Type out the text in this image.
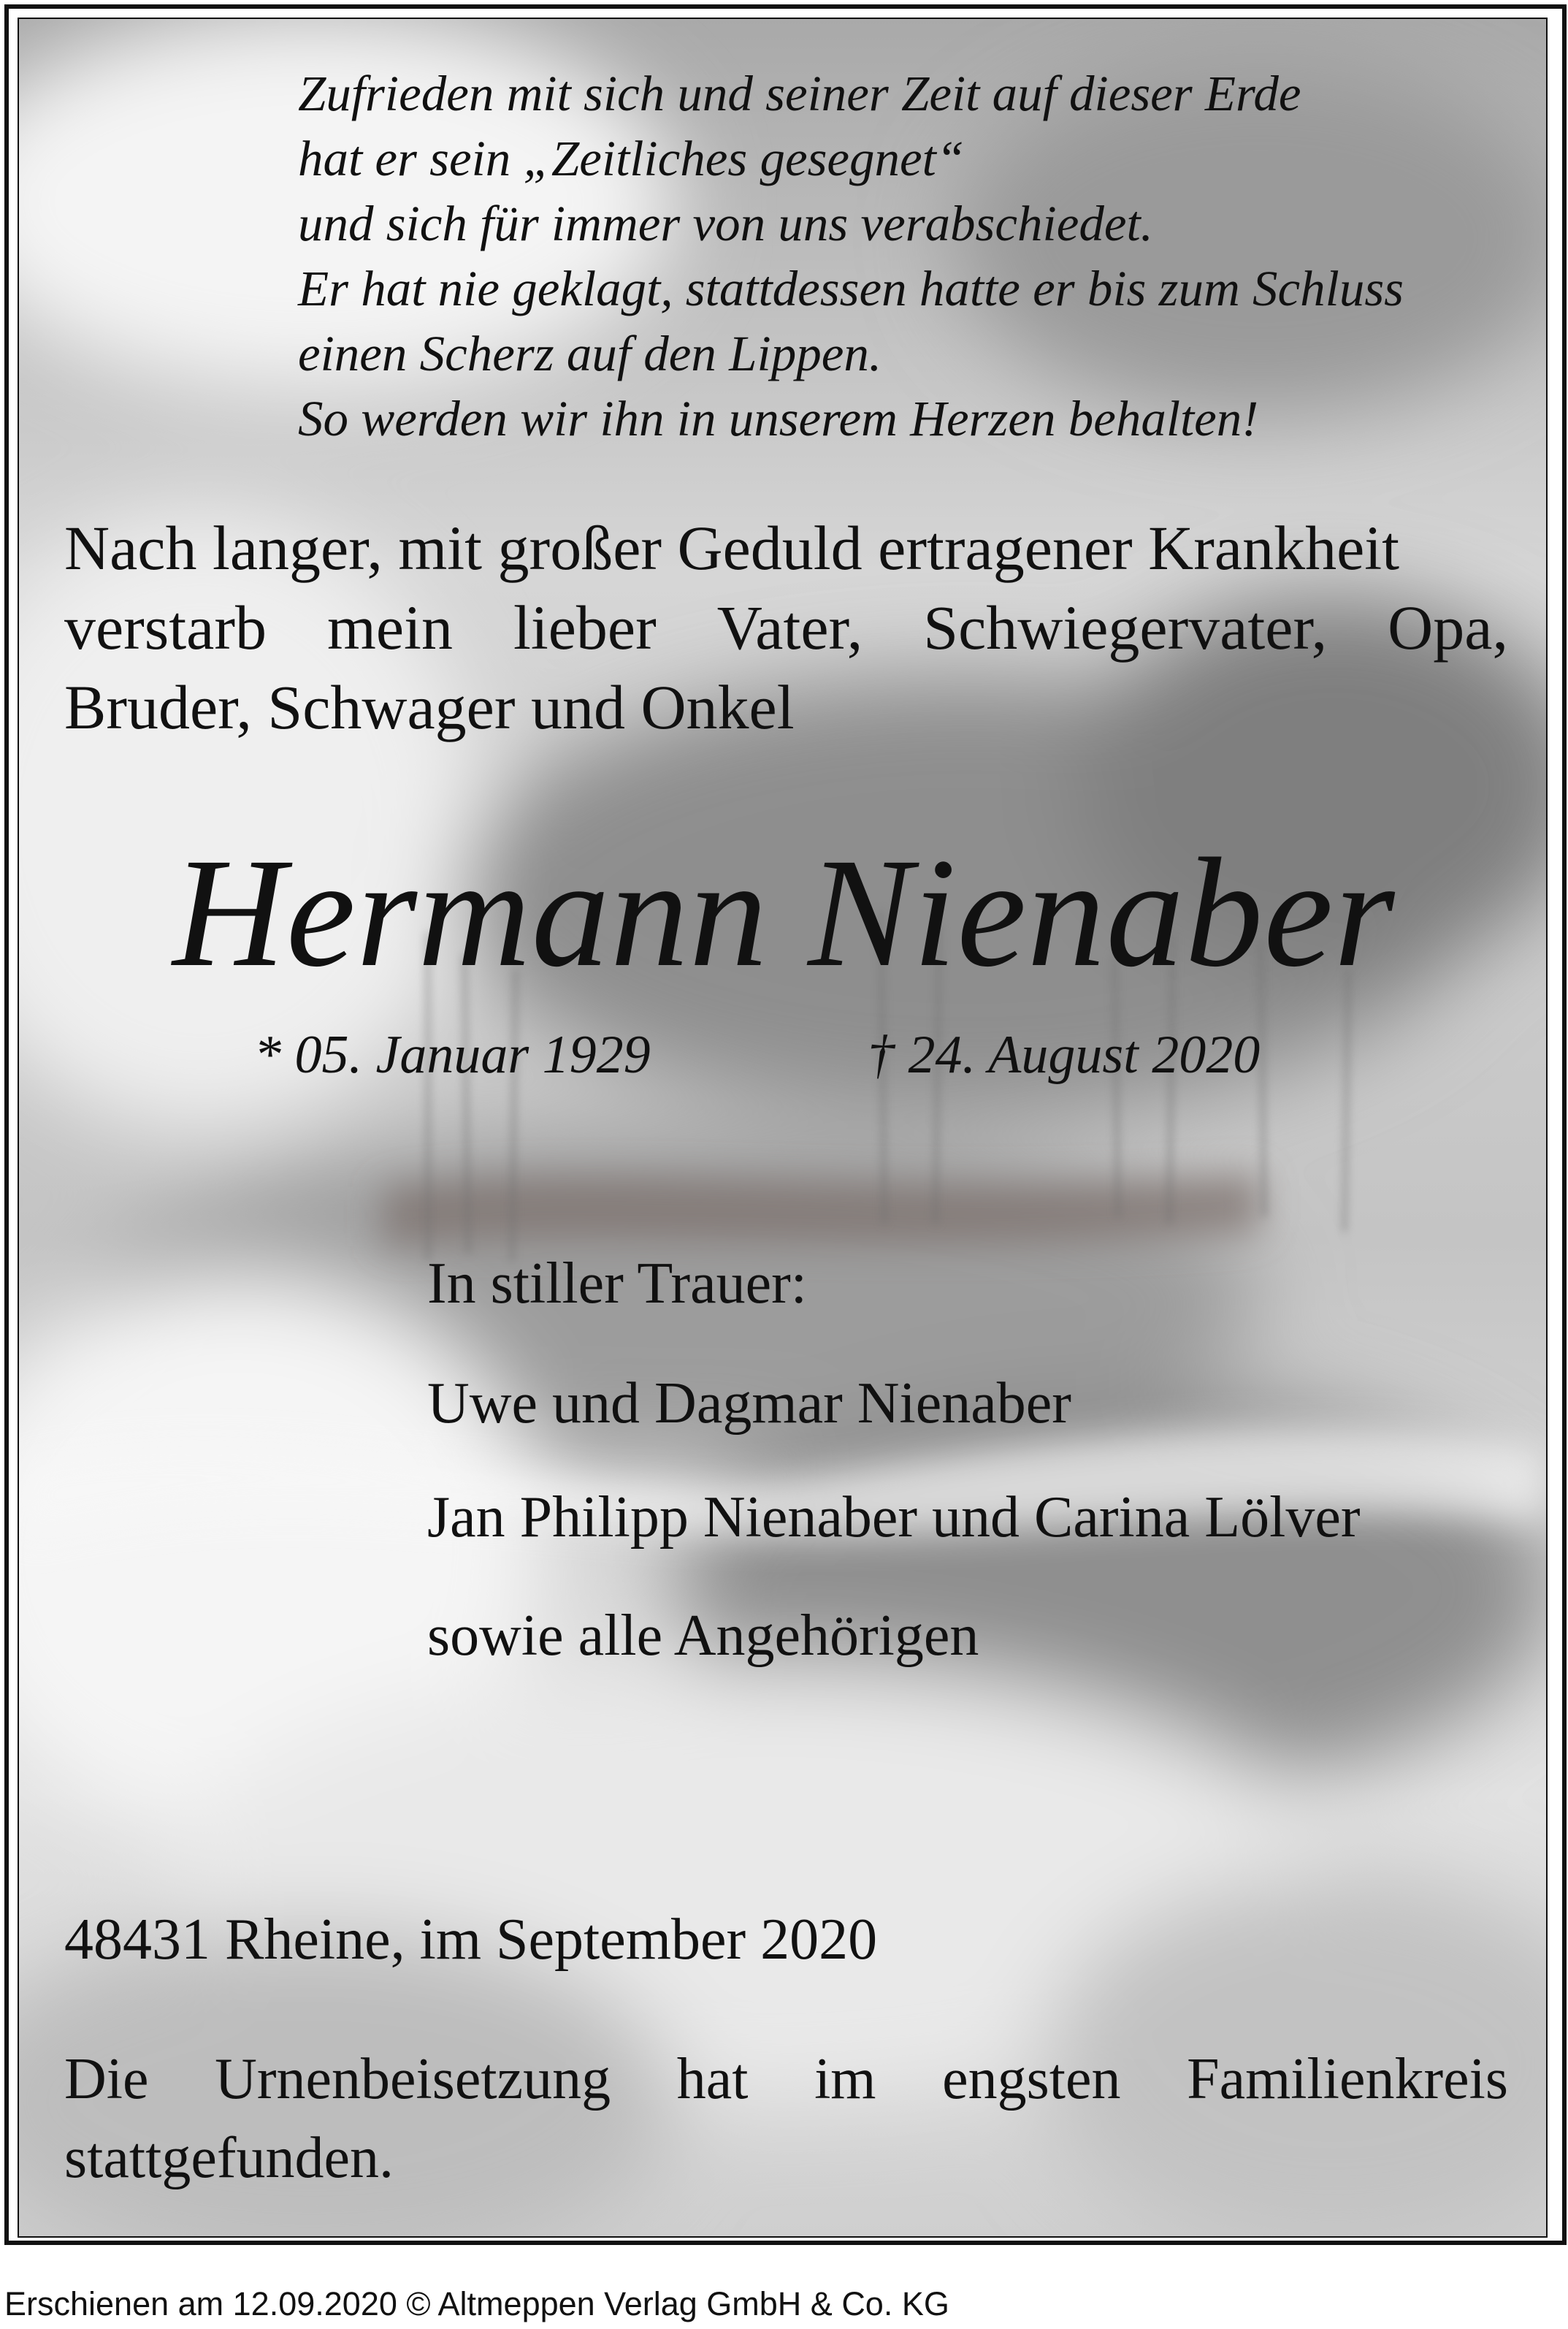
Zufrieden mit sich und seiner Zeit auf dieser Erde
hat er sein „Zeitliches gesegnet“
und sich für immer von uns verabschiedet.
Er hat nie geklagt, stattdessen hatte er bis zum Schluss
einen Scherz auf den Lippen.
So werden wir ihn in unserem Herzen behalten!
Nach langer, mit großer Geduld ertragener Krankheit
verstarb mein lieber Vater, Schwiegervater, Opa,
Bruder, Schwager und Onkel
Hermann Nienaber
* 05. Januar 1929	† 24. August 2020
In stiller Trauer:
Uwe und Dagmar Nienaber
Jan Philipp Nienaber und Carina Lölver
sowie alle Angehörigen
48431 Rheine, im September 2020
Die Urnenbeisetzung hat im engsten Familienkreis
stattgefunden.
Erschienen am 12.09.2020 © Altmeppen Verlag GmbH & Co. KG
